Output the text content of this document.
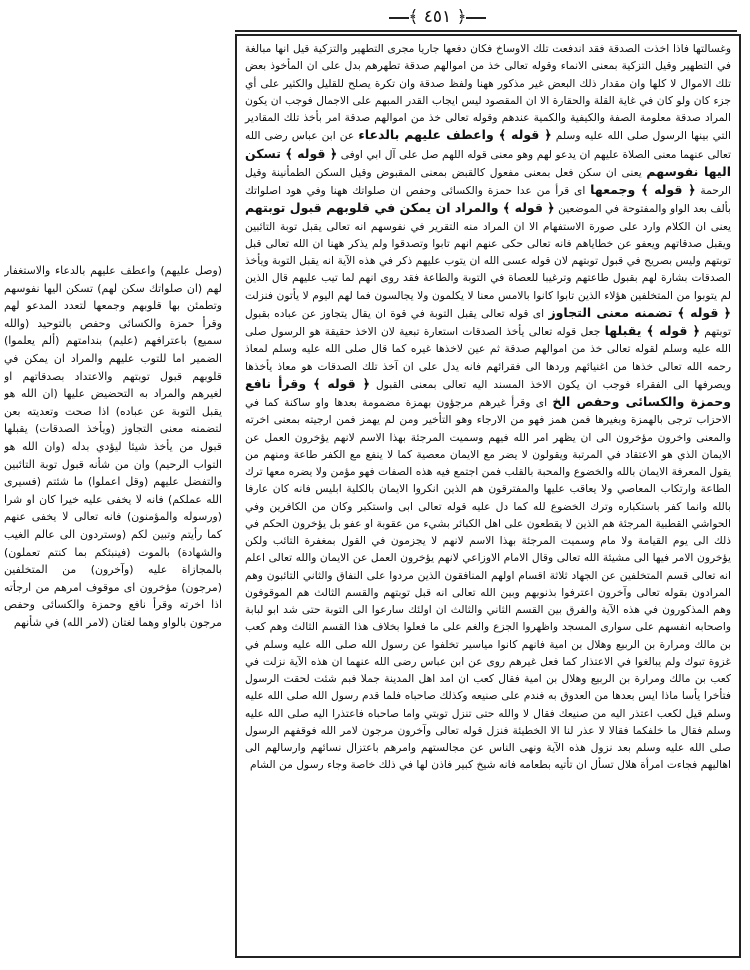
﴿ ٤٥١ ﴾

وغسالتها فاذا اخذت الصدقة فقد اندفعت تلك الاوساخ فكان دفعها جاريا مجرى التطهير والتزكية قيل انها مبالغة في التطهير وقيل التزكية بمعنى الانماء وقوله تعالى خذ من اموالهم صدقة تطهرهم بدل على ان المأخوذ بعض تلك الاموال لا كلها وان مقدار ذلك البعض غير مذكور ههنا ولفظ صدقة وان تكرة يصلح للقليل والكثير على أي جزء كان ولو كان في غاية القلة والحقارة الا ان المقصود ليس ايجاب القدر المبهم على الاجمال فوجب ان يكون المراد صدقة معلومة الصفة والكيفية والكمية عندهم وقوله تعالى خذ من اموالهم صدقة امر بأخذ تلك المقادير التي بينها الرسول صلى الله عليه وسلم ﴿ قوله ﴾ واعطف عليهم بالدعاء عن ابن عباس رضى الله تعالى عنهما معنى الصلاة عليهم ان يدعو لهم وهو معنى قوله اللهم صل على آل ابي اوفى ﴿ قوله ﴾ تسكن اليها نفوسهم يعنى ان سكن فعل بمعنى مفعول كالقبض بمعنى المقبوض وقيل السكن الطمأنينة وقيل الرحمة ﴿ قوله ﴾ وجمعها اى قرأ من عدا حمزة والكسائى وحفص ان صلواتك ههنا وفي هود اصلواتك بألف بعد الواو والمفتوحة في الموضعين ﴿ قوله ﴾ والمراد ان يمكن في قلوبهم قبول توبتهم يعنى ان الكلام وارد على صورة الاستفهام الا ان المراد منه التقرير في نفوسهم انه تعالى يقبل توبة التائبين ويقبل صدقاتهم ويعفو عن خطاياهم فانه تعالى حكى عنهم انهم تابوا وتصدقوا ولم يذكر ههنا ان الله تعالى قبل توبتهم وليس بصريح في قبول توبتهم لان قوله عسى الله ان يتوب عليهم ذكر في هذه الآية انه يقبل التوبة ويأخذ الصدقات بشارة لهم بقبول طاعتهم وترغيبا للعصاة في التوبة والطاعة فقد روى انهم لما تيب عليهم قال الذين لم يتوبوا من المتخلفين هؤلاء الذين تابوا كانوا بالامس معنا لا يكلمون ولا يجالسون فما لهم اليوم لا يأتون فنزلت ﴿ قوله ﴾ تضمنه معنى التجاوز اى قوله تعالى يقبل التوبة في قوة ان يقال يتجاوز عن عباده بقبول توبتهم ﴿ قوله ﴾ يقبلها جعل قوله تعالى يأخذ الصدقات استعارة تبعية لان الاخذ حقيقة هو الرسول صلى الله عليه وسلم لقوله تعالى خذ من اموالهم صدقة ثم عين لاخذها غيره كما قال صلى الله عليه وسلم لمعاذ رحمه الله تعالى خذها من اغنيائهم وردها الى فقرائهم فانه يدل على ان آخذ تلك الصدقات هو معاذ يأخذها ويصرفها الى الفقراء فوجب ان يكون الاخذ المسند اليه تعالى بمعنى القبول ﴿ قوله ﴾ وقرأ نافع وحمزة والكسائى وحفص الخ اى وقرأ غيرهم مرجؤون بهمزة مضمومة بعدها واو ساكنة كما في الاحزاب ترجى بالهمزة وبغيرها فمن همز فهو من الارجاء وهو التأخير ومن لم يهمز فمن ارجيته بمعنى اخرته والمعنى واخرون مؤخرون الى ان يظهر امر الله فيهم وسميت المرجئة بهذا الاسم لانهم يؤخرون العمل عن الايمان الذي هو الاعتقاد في المرتبة ويقولون لا يضر مع الايمان معصية كما لا ينفع مع الكفر طاعة ومنهم من يقول المعرفة الايمان بالله والخضوع والمحبة بالقلب فمن اجتمع فيه هذه الصفات فهو مؤمن ولا يضره معها ترك الطاعة وارتكاب المعاصي ولا يعاقب عليها والمفترقون هم الذين انكروا الايمان بالكلية ابليس فانه كان عارفا بالله وانما كفر باستكباره وترك الخضوع لله كما دل عليه قوله تعالى ابى واستكبر وكان من الكافرين وفي الحواشي القطبية المرجئة هم الذين لا يقطعون على اهل الكبائر بشيء من عقوبة او عفو بل يؤخرون الحكم في ذلك الى يوم القيامة ولا مام وسميت المرجئة بهذا الاسم لانهم لا يجزمون في القول بمغفرة التائب ولكن يؤخرون الامر فيها الى مشيئة الله تعالى وقال الامام الاوزاعي لانهم يؤخرون العمل عن الايمان والله تعالى اعلم انه تعالى قسم المتخلفين عن الجهاد ثلاثة اقسام اولهم المنافقون الذين مردوا على النفاق والثاني التائبون وهم المرادون بقوله تعالى وآخرون اعترفوا بذنوبهم وبين الله تعالى انه قبل توبتهم والقسم الثالث هم الموقوفون وهم المذكورون في هذه الآية والفرق بين القسم الثاني والثالث ان اولئك سارعوا الى التوبة حتى شد ابو لبابة واصحابه انفسهم على سوارى المسجد واظهروا الجزع والغم على ما فعلوا بخلاف هذا القسم الثالث وهم كعب بن مالك ومرارة بن الربيع وهلال بن امية فانهم كانوا مياسير تخلفوا عن رسول الله صلى الله عليه وسلم في غزوة تبوك ولم يبالغوا في الاعتذار كما فعل غيرهم روى عن ابن عباس رضى الله عنهما ان هذه الآية نزلت في كعب بن مالك ومرارة بن الربيع وهلال بن امية فقال كعب ان امد اهل المدينة جملا فبم شئت لحقت الرسول فتأخرا يأسا ماذا ايس بعدها من العدوق به فندم على صنيعه وكذلك صاحباه فلما قدم رسول الله صلى الله عليه وسلم قيل لكعب اعتذر اليه من صنيعك فقال لا والله حتى تنزل توبتي واما صاحباه فاعتذرا اليه صلى الله عليه وسلم فقال ما خلفكما فقالا لا عذر لنا الا الخطيئة فنزل قوله تعالى وآخرون مرجون لامر الله فوقفهم الرسول صلى الله عليه وسلم بعد نزول هذه الآية ونهى الناس عن مجالستهم وامرهم باعتزال نسائهم وارسالهم الى اهاليهم فجاءت امرأة هلال تسأل ان تأتيه بطعامه فانه شيخ كبير فاذن لها في ذلك خاصة وجاء رسول من الشام

(وصل عليهم) واعطف عليهم بالدعاء والاستغفار لهم (ان صلواتك سكن لهم) تسكن اليها نفوسهم وتطمئن بها قلوبهم وجمعها لتعدد المدعو لهم وقرأ حمزة والكسائى وحفص بالتوحيد (والله سميع) باعترافهم (عليم) بندامتهم (ألم يعلموا) الضمير اما للتوب عليهم والمراد ان يمكن في قلوبهم قبول توبتهم والاعتداد بصدقاتهم او لغيرهم والمراد به التحضيض عليها (ان الله هو يقبل التوبة عن عباده) اذا صحت وتعديته بعن لتضمنه معنى التجاوز (ويأخذ الصدقات) يقبلها قبول من يأخذ شيئا ليؤدي بدله (وان الله هو التواب الرحيم) وان من شأنه قبول توبة التائبين والتفضل عليهم (وقل اعملوا) ما شئتم (فسيرى الله عملكم) فانه لا يخفى عليه خيرا كان او شرا (ورسوله والمؤمنون) فانه تعالى لا يخفى عنهم كما رأيتم وتبين لكم (وستردون الى عالم الغيب والشهادة) بالموت (فينبئكم بما كنتم تعملون) بالمجازاة عليه (وآخرون) من المتخلفين (مرجون) مؤخرون اى موقوف امرهم من ارجأته اذا اخرته وقرأ نافع وحمزة والكسائى وحفص مرجون بالواو وهما لغتان (لامر الله) في شأنهم
